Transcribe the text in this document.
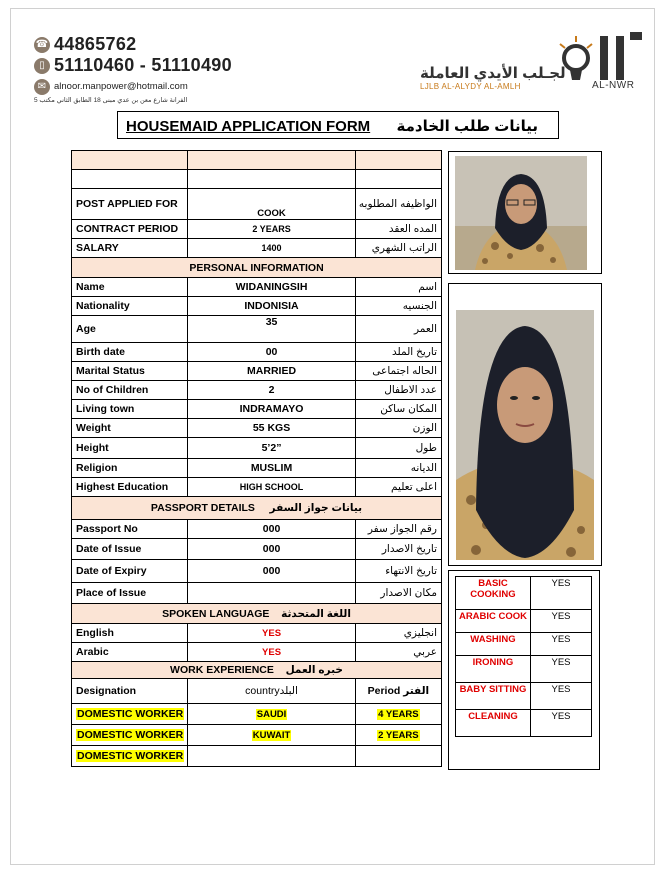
☎ 44865762
▯ 51110460 - 51110490
✉ alnoor.manpower@hotmail.com
الفرانة شارع معن بن عدي مبنى 18 الطابق الثاني مكتب 5
لجـلب الأيدي العاملة
LJLB AL-ALYDY AL-AMLH	AL-NWR
HOUSEMAID APPLICATION FORM بيانات طلب الخادمة

POST APPLIED FOR	COOK	الواظيفه المطلوبه
CONTRACT PERIOD	2 YEARS	المده العقد
SALARY	1400	الراتب الشهري
PERSONAL INFORMATION		
Name	WIDANINGSIH	اسم
Nationality	INDONISIA	الجنسيه
Age	35	العمر
Birth date	00	تاريخ الملد
Marital Status	MARRIED	الحاله اجتماعى
No of Children	2	عدد الاطفال
Living town	INDRAMAYO	المكان ساكن
Weight	55 KGS	الوزن
Height	5’2”	طول
Religion	MUSLIM	الديانه
Highest Education	HIGH SCHOOL	اعلى تعليم
PASSPORT DETAILS بيانات جواز السفر		
Passport No	000	رقم الجواز سفر
Date of Issue	000	تاريخ الاصدار
Date of Expiry	000	تاريخ الانتهاء
Place of Issue		مكان الاصدار
SPOKEN LANGUAGE اللغة المتحدثة		
English	YES	انجليزي
Arabic	YES	عربي
WORK EXPERIENCE خبره العمل		
Designation	countryالبلد	Period الفتر
DOMESTIC WORKER	SAUDI	4 YEARS
DOMESTIC WORKER	KUWAIT	2 YEARS
DOMESTIC WORKER		
BASIC COOKING	YES
ARABIC COOK	YES
WASHING	YES
IRONING	YES
BABY SITTING	YES
CLEANING	YES
